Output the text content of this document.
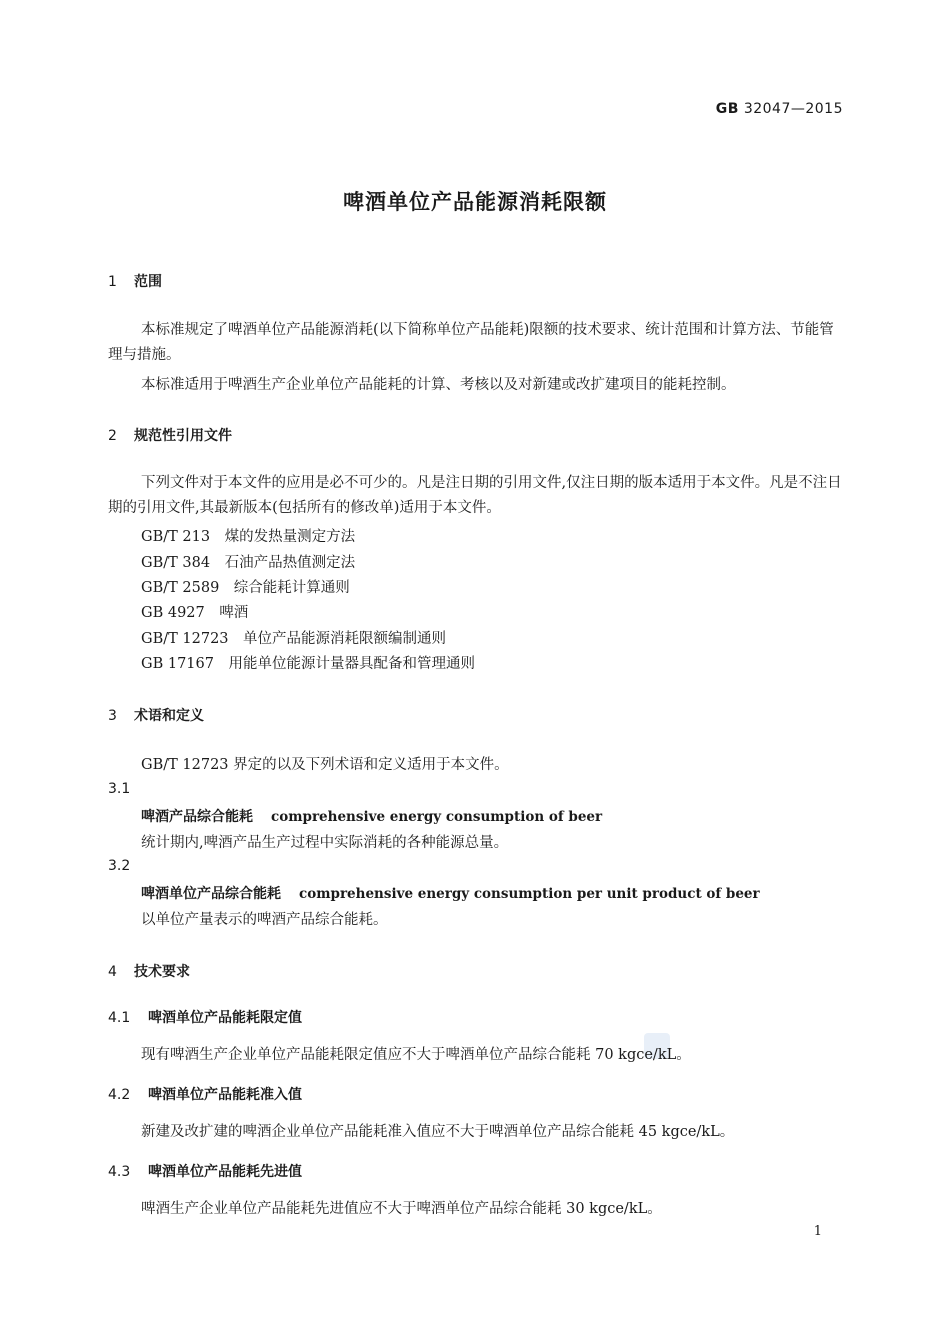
GB 32047—2015
啤酒单位产品能源消耗限额
1 范围
本标准规定了啤酒单位产品能源消耗(以下简称单位产品能耗)限额的技术要求、统计范围和计算方法、节能管理与措施。
本标准适用于啤酒生产企业单位产品能耗的计算、考核以及对新建或改扩建项目的能耗控制。
2 规范性引用文件
下列文件对于本文件的应用是必不可少的。凡是注日期的引用文件,仅注日期的版本适用于本文件。凡是不注日期的引用文件,其最新版本(包括所有的修改单)适用于本文件。
GB/T 213　煤的发热量测定方法
GB/T 384　石油产品热值测定法
GB/T 2589　综合能耗计算通则
GB 4927　啤酒
GB/T 12723　单位产品能源消耗限额编制通则
GB 17167　用能单位能源计量器具配备和管理通则
3 术语和定义
GB/T 12723 界定的以及下列术语和定义适用于本文件。
3.1
啤酒产品综合能耗 comprehensive energy consumption of beer
统计期内,啤酒产品生产过程中实际消耗的各种能源总量。
3.2
啤酒单位产品综合能耗 comprehensive energy consumption per unit product of beer
以单位产量表示的啤酒产品综合能耗。
4 技术要求
4.1 啤酒单位产品能耗限定值
现有啤酒生产企业单位产品能耗限定值应不大于啤酒单位产品综合能耗 70 kgce/kL。
4.2 啤酒单位产品能耗准入值
新建及改扩建的啤酒企业单位产品能耗准入值应不大于啤酒单位产品综合能耗 45 kgce/kL。
4.3 啤酒单位产品能耗先进值
啤酒生产企业单位产品能耗先进值应不大于啤酒单位产品综合能耗 30 kgce/kL。
1
